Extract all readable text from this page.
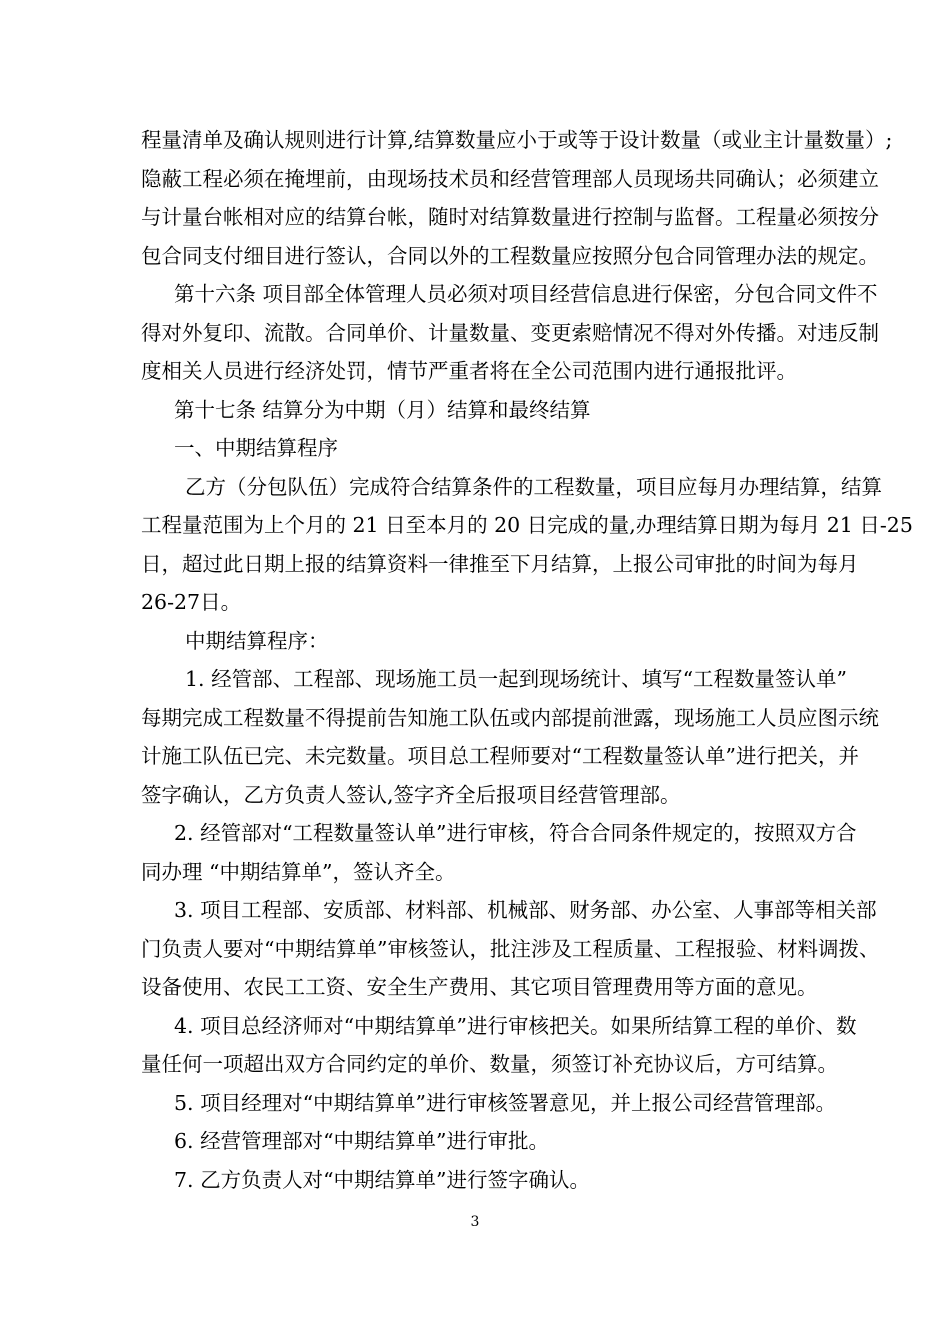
程量清单及确认规则进行计算,结算数量应小于或等于设计数量（或业主计量数量）;
隐蔽工程必须在掩埋前，由现场技术员和经营管理部人员现场共同确认；必须建立
与计量台帐相对应的结算台帐，随时对结算数量进行控制与监督。工程量必须按分
包合同支付细目进行签认，合同以外的工程数量应按照分包合同管理办法的规定。
第十六条 项目部全体管理人员必须对项目经营信息进行保密，分包合同文件不
得对外复印、流散。合同单价、计量数量、变更索赔情况不得对外传播。对违反制
度相关人员进行经济处罚，情节严重者将在全公司范围内进行通报批评。
第十七条 结算分为中期（月）结算和最终结算
一、中期结算程序
乙方（分包队伍）完成符合结算条件的工程数量，项目应每月办理结算，结算
工程量范围为上个月的 21 日至本月的 20 日完成的量,办理结算日期为每月 21 日-25
日，超过此日期上报的结算资料一律推至下月结算，上报公司审批的时间为每月
26-27日。
中期结算程序：
1. 经管部、工程部、现场施工员一起到现场统计、填写“工程数量签认单”
每期完成工程数量不得提前告知施工队伍或内部提前泄露，现场施工人员应图示统
计施工队伍已完、未完数量。项目总工程师要对“工程数量签认单”进行把关，并
签字确认，乙方负责人签认,签字齐全后报项目经营管理部。
2. 经管部对“工程数量签认单”进行审核，符合合同条件规定的，按照双方合
同办理 “中期结算单”，签认齐全。
3. 项目工程部、安质部、材料部、机械部、财务部、办公室、人事部等相关部
门负责人要对“中期结算单”审核签认，批注涉及工程质量、工程报验、材料调拨、
设备使用、农民工工资、安全生产费用、其它项目管理费用等方面的意见。
4. 项目总经济师对“中期结算单”进行审核把关。如果所结算工程的单价、数
量任何一项超出双方合同约定的单价、数量，须签订补充协议后，方可结算。
5. 项目经理对“中期结算单”进行审核签署意见，并上报公司经营管理部。
6. 经营管理部对“中期结算单”进行审批。
7. 乙方负责人对“中期结算单”进行签字确认。
3
